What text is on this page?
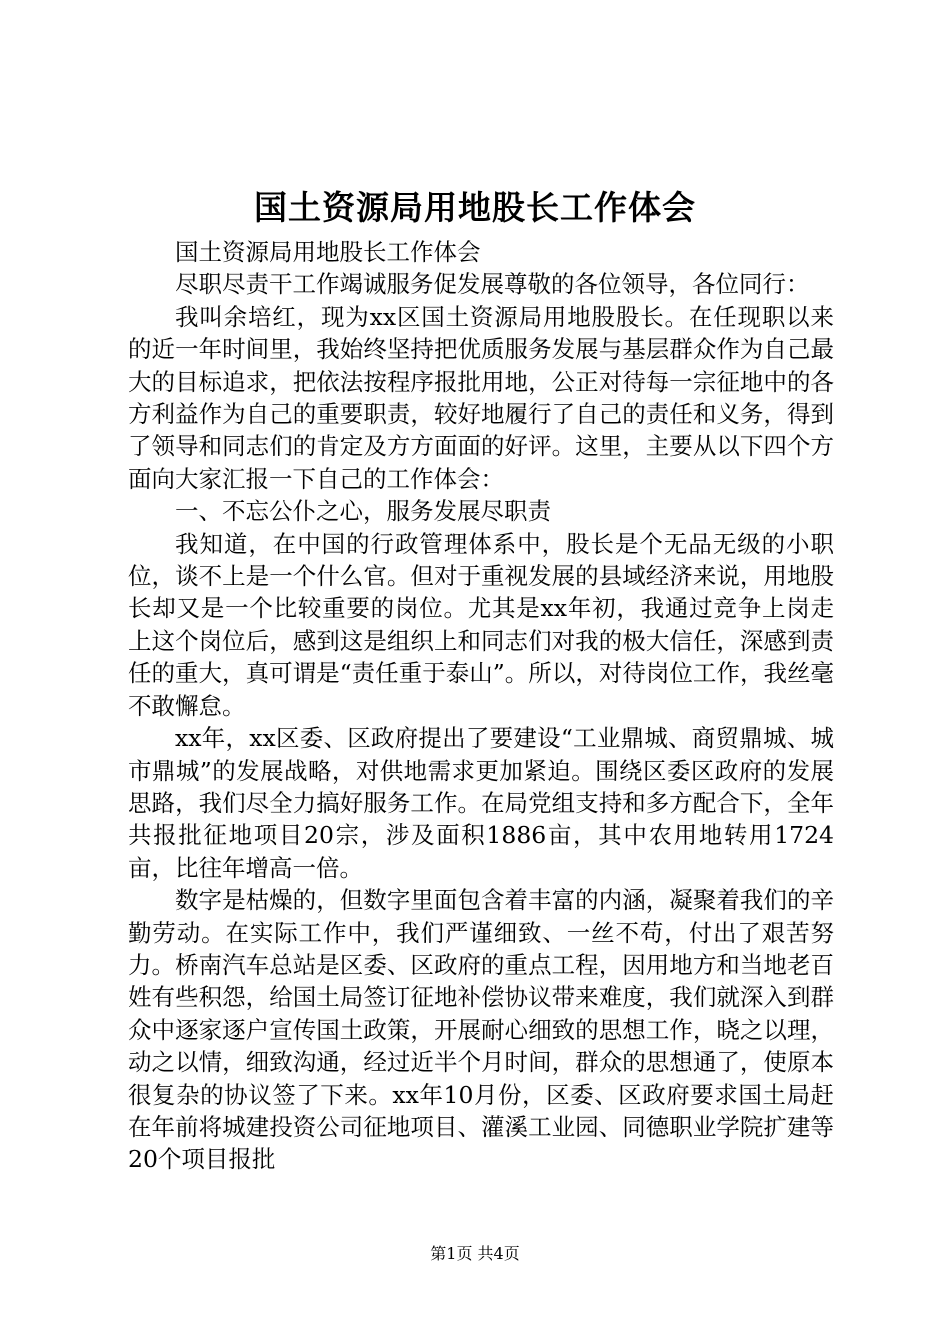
国土资源局用地股长工作体会

国土资源局用地股长工作体会

尽职尽责干工作竭诚服务促发展尊敬的各位领导，各位同行：

我叫余培红，现为xx区国土资源局用地股股长。在任现职以来的近一年时间里，我始终坚持把优质服务发展与基层群众作为自己最大的目标追求，把依法按程序报批用地，公正对待每一宗征地中的各方利益作为自己的重要职责，较好地履行了自己的责任和义务，得到了领导和同志们的肯定及方方面面的好评。这里，主要从以下四个方面向大家汇报一下自己的工作体会：

一、不忘公仆之心，服务发展尽职责

我知道，在中国的行政管理体系中，股长是个无品无级的小职位，谈不上是一个什么官。但对于重视发展的县域经济来说，用地股长却又是一个比较重要的岗位。尤其是xx年初，我通过竞争上岗走上这个岗位后，感到这是组织上和同志们对我的极大信任，深感到责任的重大，真可谓是“责任重于泰山”。所以，对待岗位工作，我丝毫不敢懈怠。

xx年，xx区委、区政府提出了要建设“工业鼎城、商贸鼎城、城市鼎城”的发展战略，对供地需求更加紧迫。围绕区委区政府的发展思路，我们尽全力搞好服务工作。在局党组支持和多方配合下，全年共报批征地项目20宗，涉及面积1886亩，其中农用地转用1724亩，比往年增高一倍。

数字是枯燥的，但数字里面包含着丰富的内涵，凝聚着我们的辛勤劳动。在实际工作中，我们严谨细致、一丝不苟，付出了艰苦努力。桥南汽车总站是区委、区政府的重点工程，因用地方和当地老百姓有些积怨，给国土局签订征地补偿协议带来难度，我们就深入到群众中逐家逐户宣传国土政策，开展耐心细致的思想工作，晓之以理，动之以情，细致沟通，经过近半个月时间，群众的思想通了，使原本很复杂的协议签了下来。xx年10月份，区委、区政府要求国土局赶在年前将城建投资公司征地项目、灌溪工业园、同德职业学院扩建等20个项目报批

第1页 共4页
